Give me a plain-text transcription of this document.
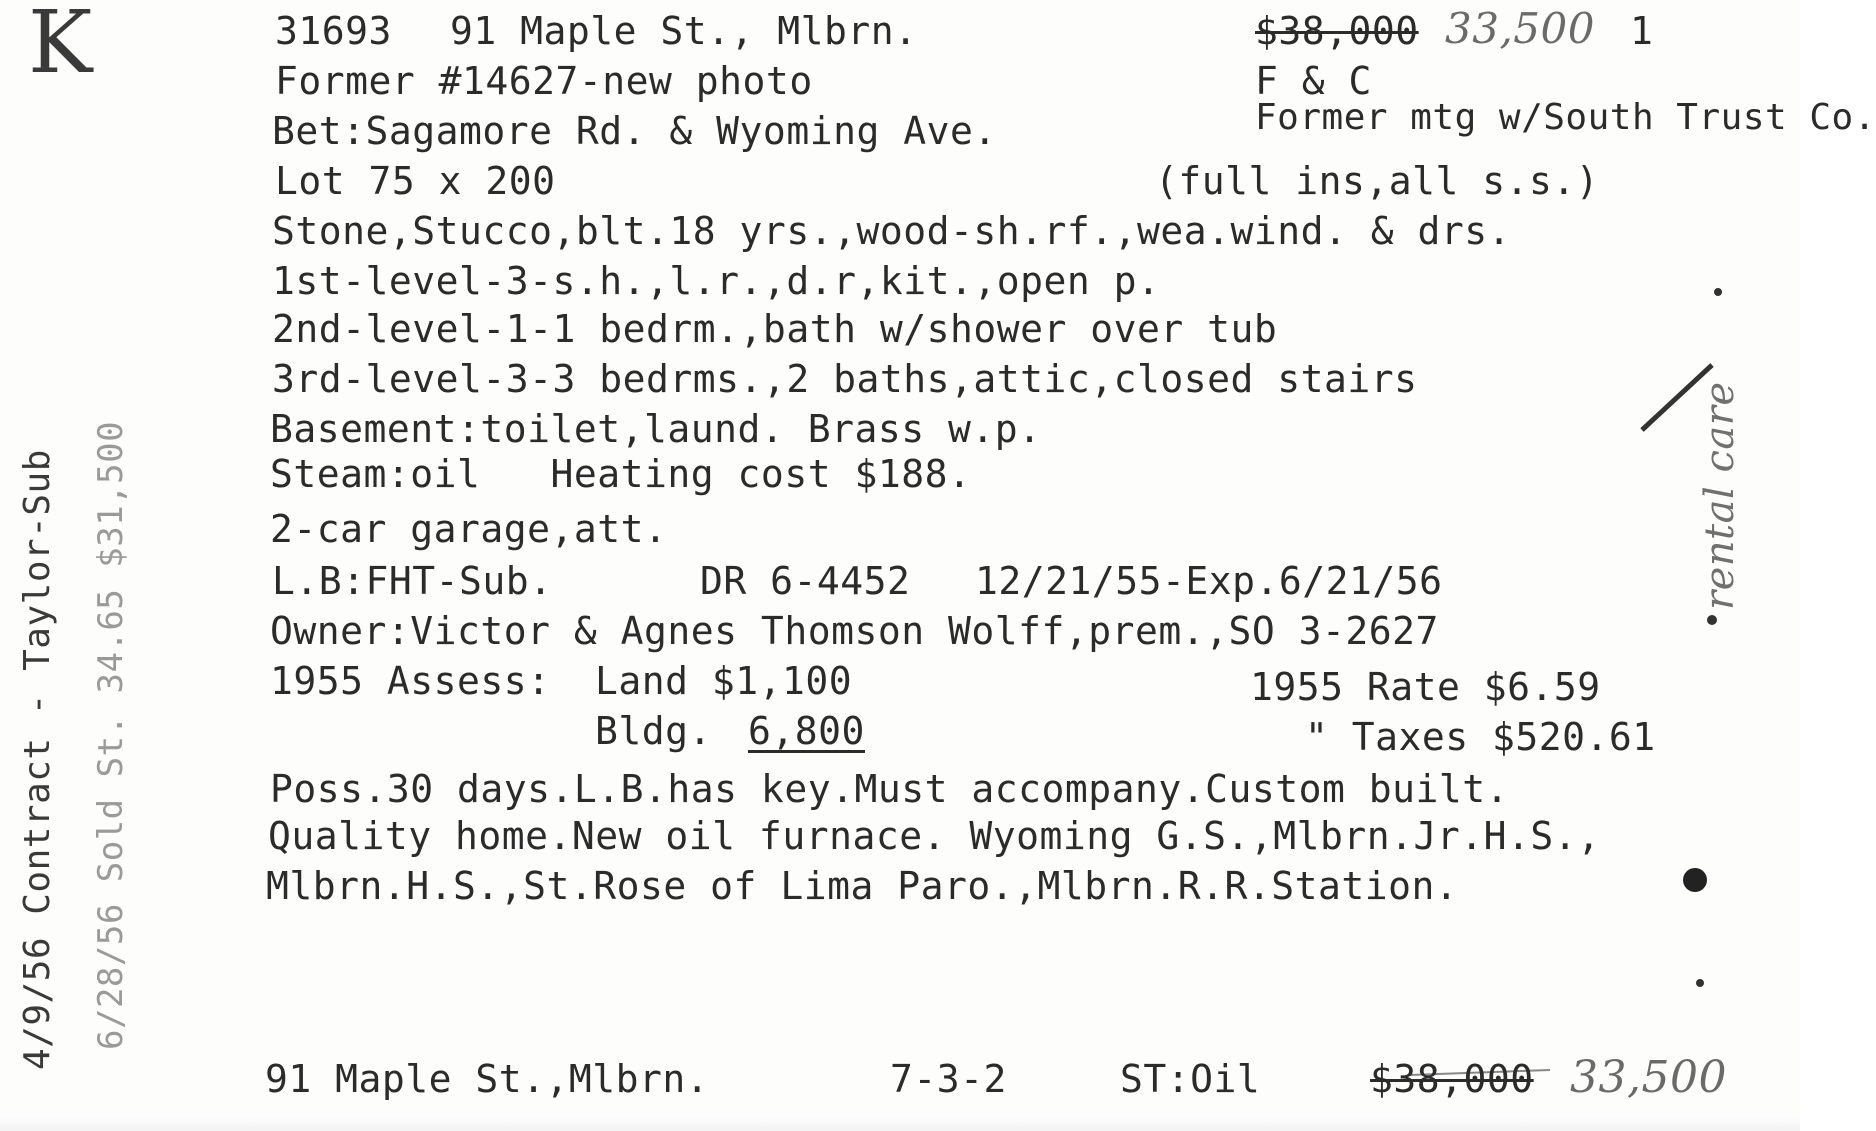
K
4/9/56 Contract - Taylor-Sub 6/28/56 Sold St. 34.65 $31,500
31693 91 Maple St., Mlbrn.
Former #14627-new photo
Bet:Sagamore Rd. & Wyoming Ave.
Lot 75 x 200
$38,000 33,500 1
F & C
Former mtg w/South Trust Co.
(full ins,all s.s.)
Stone,Stucco,blt.18 yrs.,wood-sh.rf.,wea.wind. & drs.
1st-level-3-s.h.,l.r.,d.r,kit.,open p.
2nd-level-1-1 bedrm.,bath w/shower over tub
3rd-level-3-3 bedrms.,2 baths,attic,closed stairs
Basement:toilet,laund. Brass w.p.
Steam:oil   Heating cost $188.
2-car garage,att.
L.B:FHT-Sub.	DR 6-4452 12/21/55-Exp.6/21/56
Owner:Victor & Agnes Thomson Wolff,prem.,SO 3-2627
1955 Assess: Land $1,100
Bldg. 6,800
1955 Rate $6.59
" Taxes $520.61
Poss.30 days.L.B.has key.Must accompany.Custom built.
Quality home.New oil furnace. Wyoming G.S.,Mlbrn.Jr.H.S.,
Mlbrn.H.S.,St.Rose of Lima Paro.,Mlbrn.R.R.Station.
rental care
91 Maple St.,Mlbrn.	7-3-2	ST:Oil	$38,000 33,500
